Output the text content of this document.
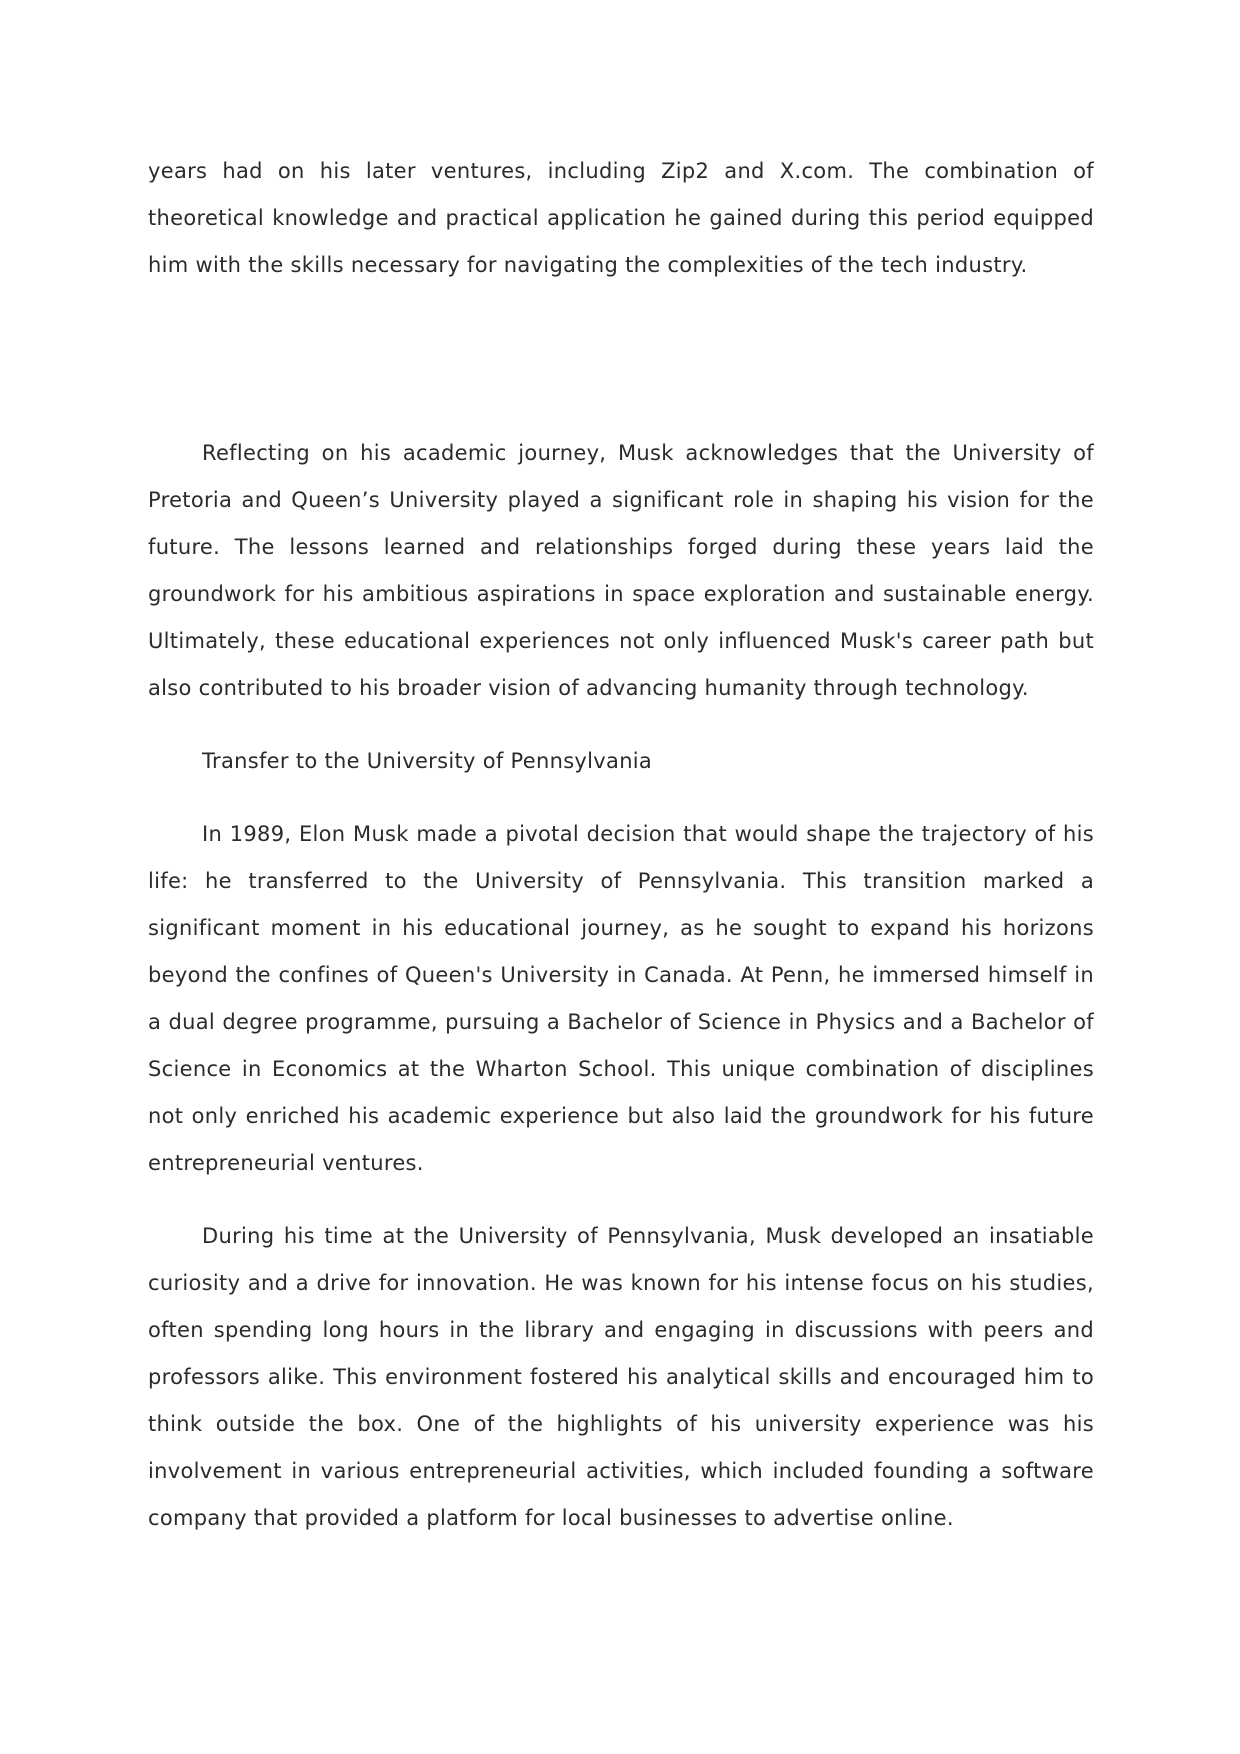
years had on his later ventures, including Zip2 and X.com. The combination of theoretical knowledge and practical application he gained during this period equipped him with the skills necessary for navigating the complexities of the tech industry.

Reflecting on his academic journey, Musk acknowledges that the University of Pretoria and Queen’s University played a significant role in shaping his vision for the future. The lessons learned and relationships forged during these years laid the groundwork for his ambitious aspirations in space exploration and sustainable energy. Ultimately, these educational experiences not only influenced Musk's career path but also contributed to his broader vision of advancing humanity through technology.

Transfer to the University of Pennsylvania

In 1989, Elon Musk made a pivotal decision that would shape the trajectory of his life: he transferred to the University of Pennsylvania. This transition marked a significant moment in his educational journey, as he sought to expand his horizons beyond the confines of Queen's University in Canada. At Penn, he immersed himself in a dual degree programme, pursuing a Bachelor of Science in Physics and a Bachelor of Science in Economics at the Wharton School. This unique combination of disciplines not only enriched his academic experience but also laid the groundwork for his future entrepreneurial ventures.

During his time at the University of Pennsylvania, Musk developed an insatiable curiosity and a drive for innovation. He was known for his intense focus on his studies, often spending long hours in the library and engaging in discussions with peers and professors alike. This environment fostered his analytical skills and encouraged him to think outside the box. One of the highlights of his university experience was his involvement in various entrepreneurial activities, which included founding a software company that provided a platform for local businesses to advertise online.
